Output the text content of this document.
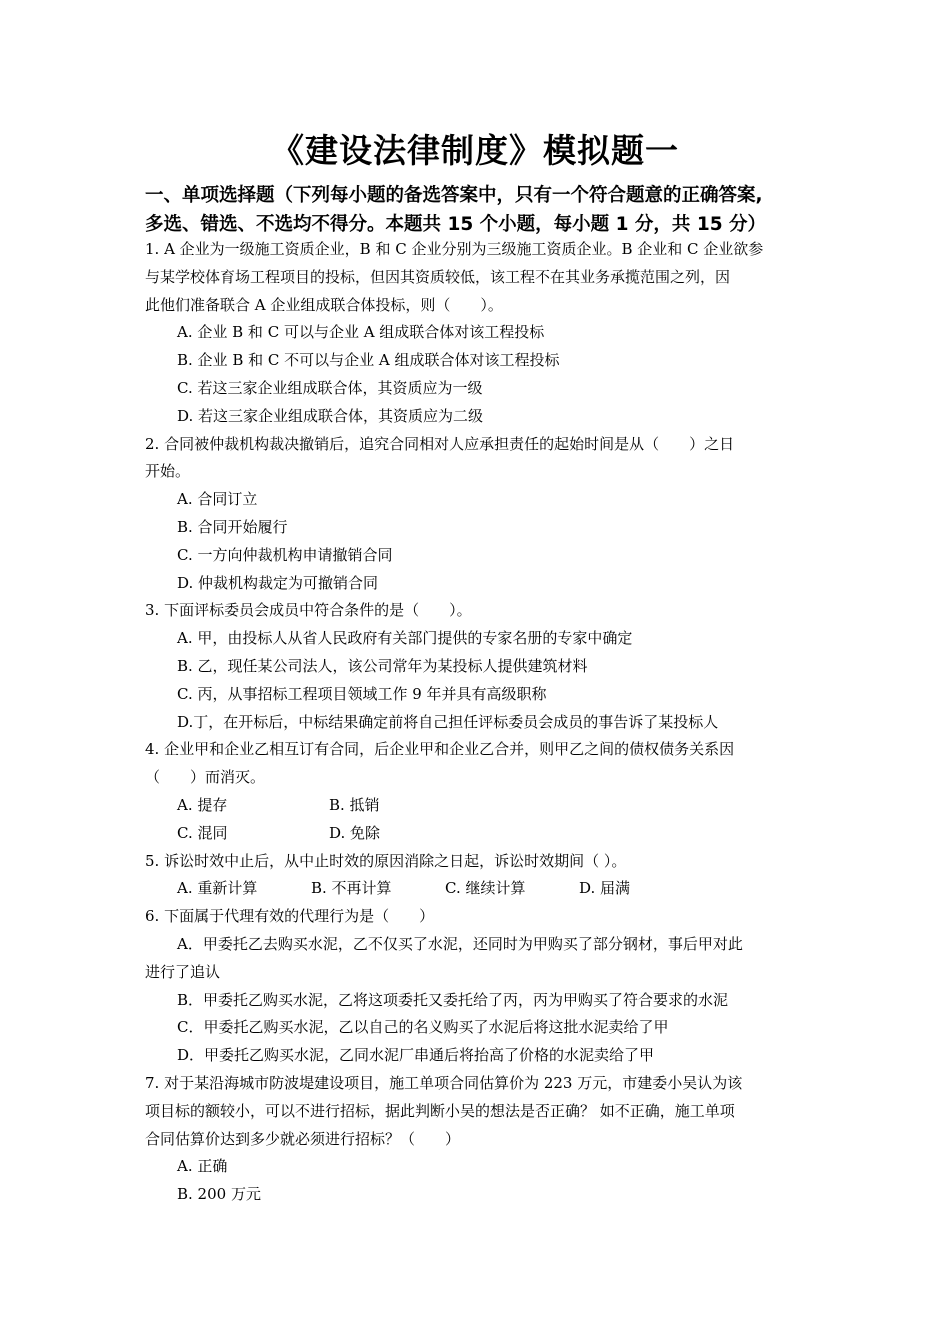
《建设法律制度》模拟题一
一、单项选择题（下列每小题的备选答案中，只有一个符合题意的正确答案,
多选、错选、不选均不得分。本题共 15 个小题，每小题 1 分，共 15 分）
1. A 企业为一级施工资质企业，B 和 C 企业分别为三级施工资质企业。B 企业和 C 企业欲参
与某学校体育场工程项目的投标，但因其资质较低，该工程不在其业务承揽范围之列，因
此他们准备联合 A 企业组成联合体投标，则（　　）。
A. 企业 B 和 C 可以与企业 A 组成联合体对该工程投标
B. 企业 B 和 C 不可以与企业 A 组成联合体对该工程投标
C. 若这三家企业组成联合体，其资质应为一级
D. 若这三家企业组成联合体，其资质应为二级
2. 合同被仲裁机构裁决撤销后，追究合同相对人应承担责任的起始时间是从（　　）之日
开始。
A. 合同订立
B. 合同开始履行
C. 一方向仲裁机构申请撤销合同
D. 仲裁机构裁定为可撤销合同
3. 下面评标委员会成员中符合条件的是（　　）。
A. 甲，由投标人从省人民政府有关部门提供的专家名册的专家中确定
B. 乙，现任某公司法人，该公司常年为某投标人提供建筑材料
C. 丙，从事招标工程项目领域工作 9 年并具有高级职称
D.丁，在开标后，中标结果确定前将自己担任评标委员会成员的事告诉了某投标人
4. 企业甲和企业乙相互订有合同，后企业甲和企业乙合并，则甲乙之间的债权债务关系因
（　　）而消灭。
A. 提存	B. 抵销
C. 混同	D. 免除
5. 诉讼时效中止后，从中止时效的原因消除之日起，诉讼时效期间（ ）。
A. 重新计算	B. 不再计算	C. 继续计算	D. 届满
6. 下面属于代理有效的代理行为是（　　）
A．甲委托乙去购买水泥，乙不仅买了水泥，还同时为甲购买了部分钢材，事后甲对此
进行了追认
B．甲委托乙购买水泥，乙将这项委托又委托给了丙，丙为甲购买了符合要求的水泥
C．甲委托乙购买水泥，乙以自己的名义购买了水泥后将这批水泥卖给了甲
D．甲委托乙购买水泥，乙同水泥厂串通后将抬高了价格的水泥卖给了甲
7. 对于某沿海城市防波堤建设项目，施工单项合同估算价为 223 万元，市建委小吴认为该
项目标的额较小，可以不进行招标，据此判断小吴的想法是否正确？ 如不正确，施工单项
合同估算价达到多少就必须进行招标？（　　）
A. 正确
B. 200 万元
